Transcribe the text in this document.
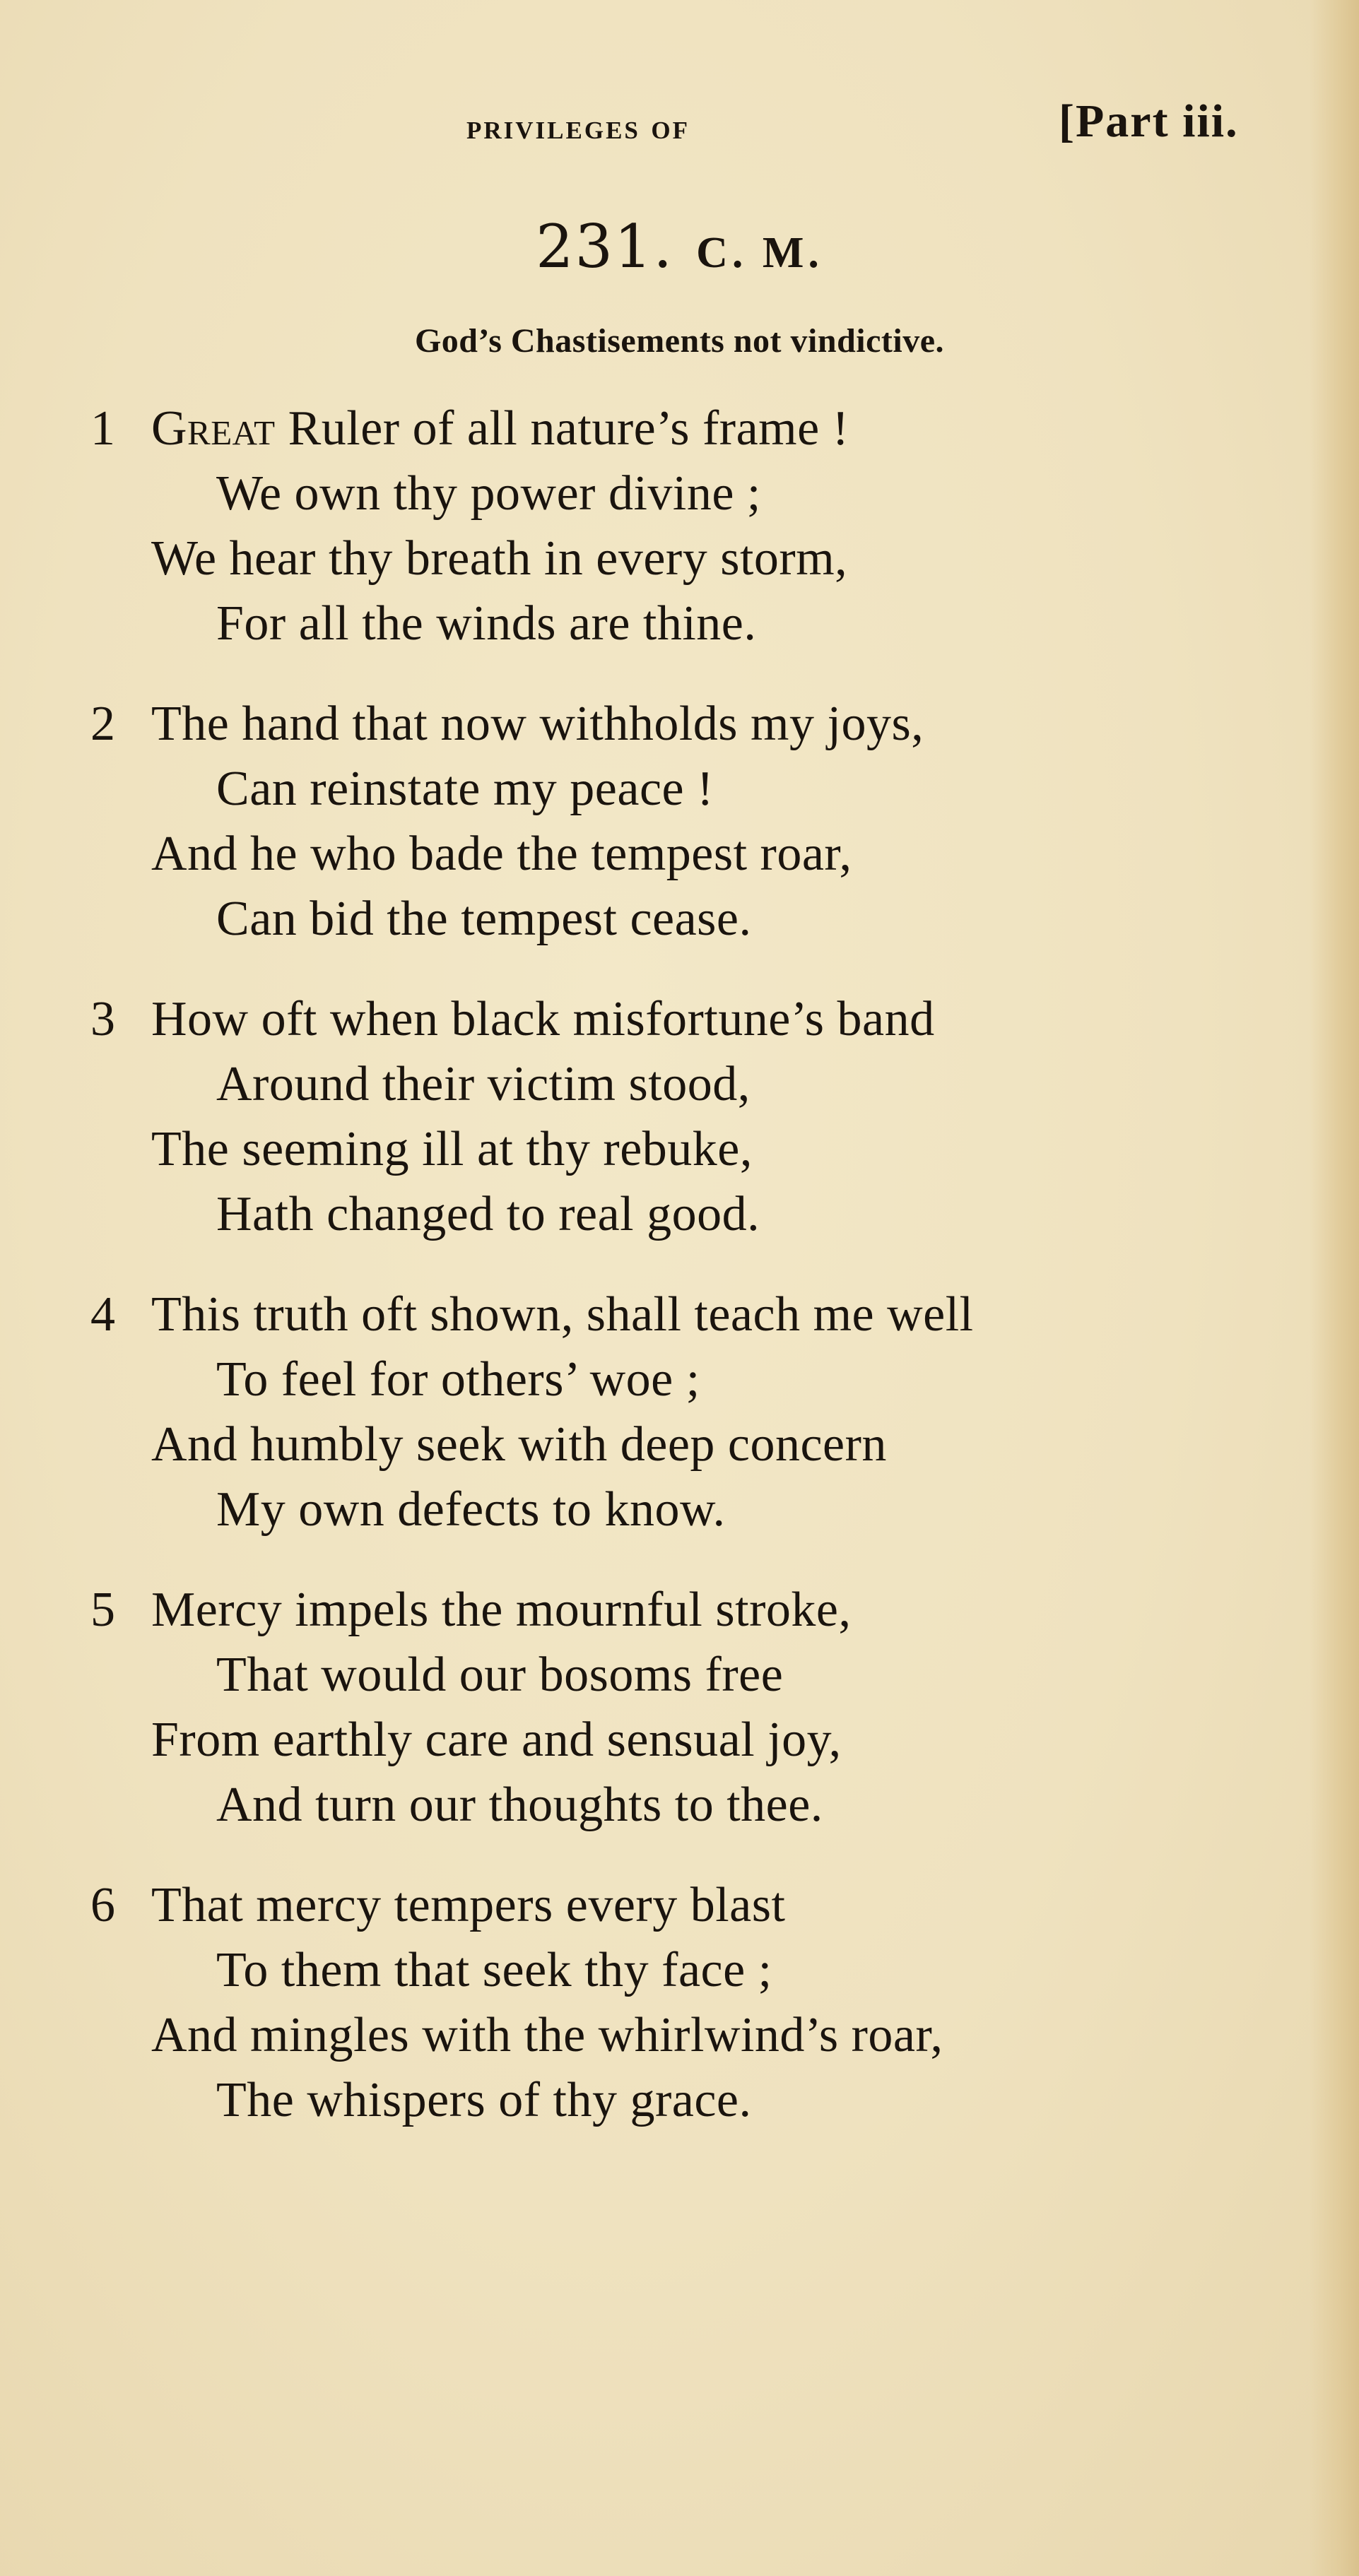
privileges of	[Part iii.
231. C. M.
God’s Chastisements not vindictive.
1 Great Ruler of all nature’s frame !
We own thy power divine ;
We hear thy breath in every storm,
For all the winds are thine.
2 The hand that now withholds my joys,
Can reinstate my peace !
And he who bade the tempest roar,
Can bid the tempest cease.
3 How oft when black misfortune’s band
Around their victim stood,
The seeming ill at thy rebuke,
Hath changed to real good.
4 This truth oft shown, shall teach me well
To feel for others’ woe ;
And humbly seek with deep concern
My own defects to know.
5 Mercy impels the mournful stroke,
That would our bosoms free
From earthly care and sensual joy,
And turn our thoughts to thee.
6 That mercy tempers every blast
To them that seek thy face ;
And mingles with the whirlwind’s roar,
The whispers of thy grace.
